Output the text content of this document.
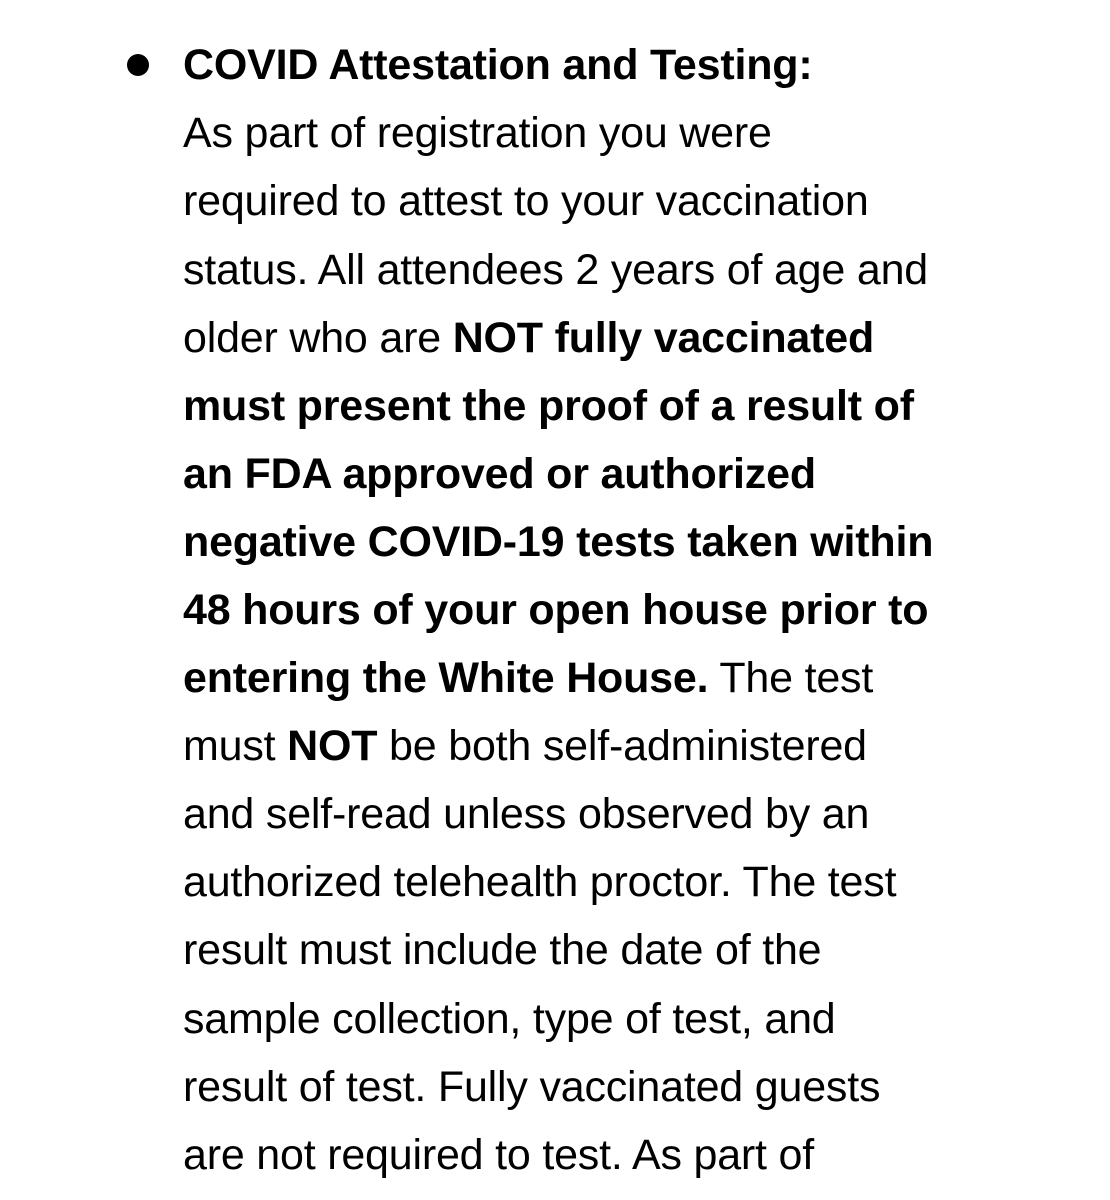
COVID Attestation and Testing:
As part of registration you were
required to attest to your vaccination
status. All attendees 2 years of age and
older who are NOT fully vaccinated
must present the proof of a result of
an FDA approved or authorized
negative COVID-19 tests taken within
48 hours of your open house prior to
entering the White House. The test
must NOT be both self-administered
and self-read unless observed by an
authorized telehealth proctor. The test
result must include the date of the
sample collection, type of test, and
result of test. Fully vaccinated guests
are not required to test. As part of
